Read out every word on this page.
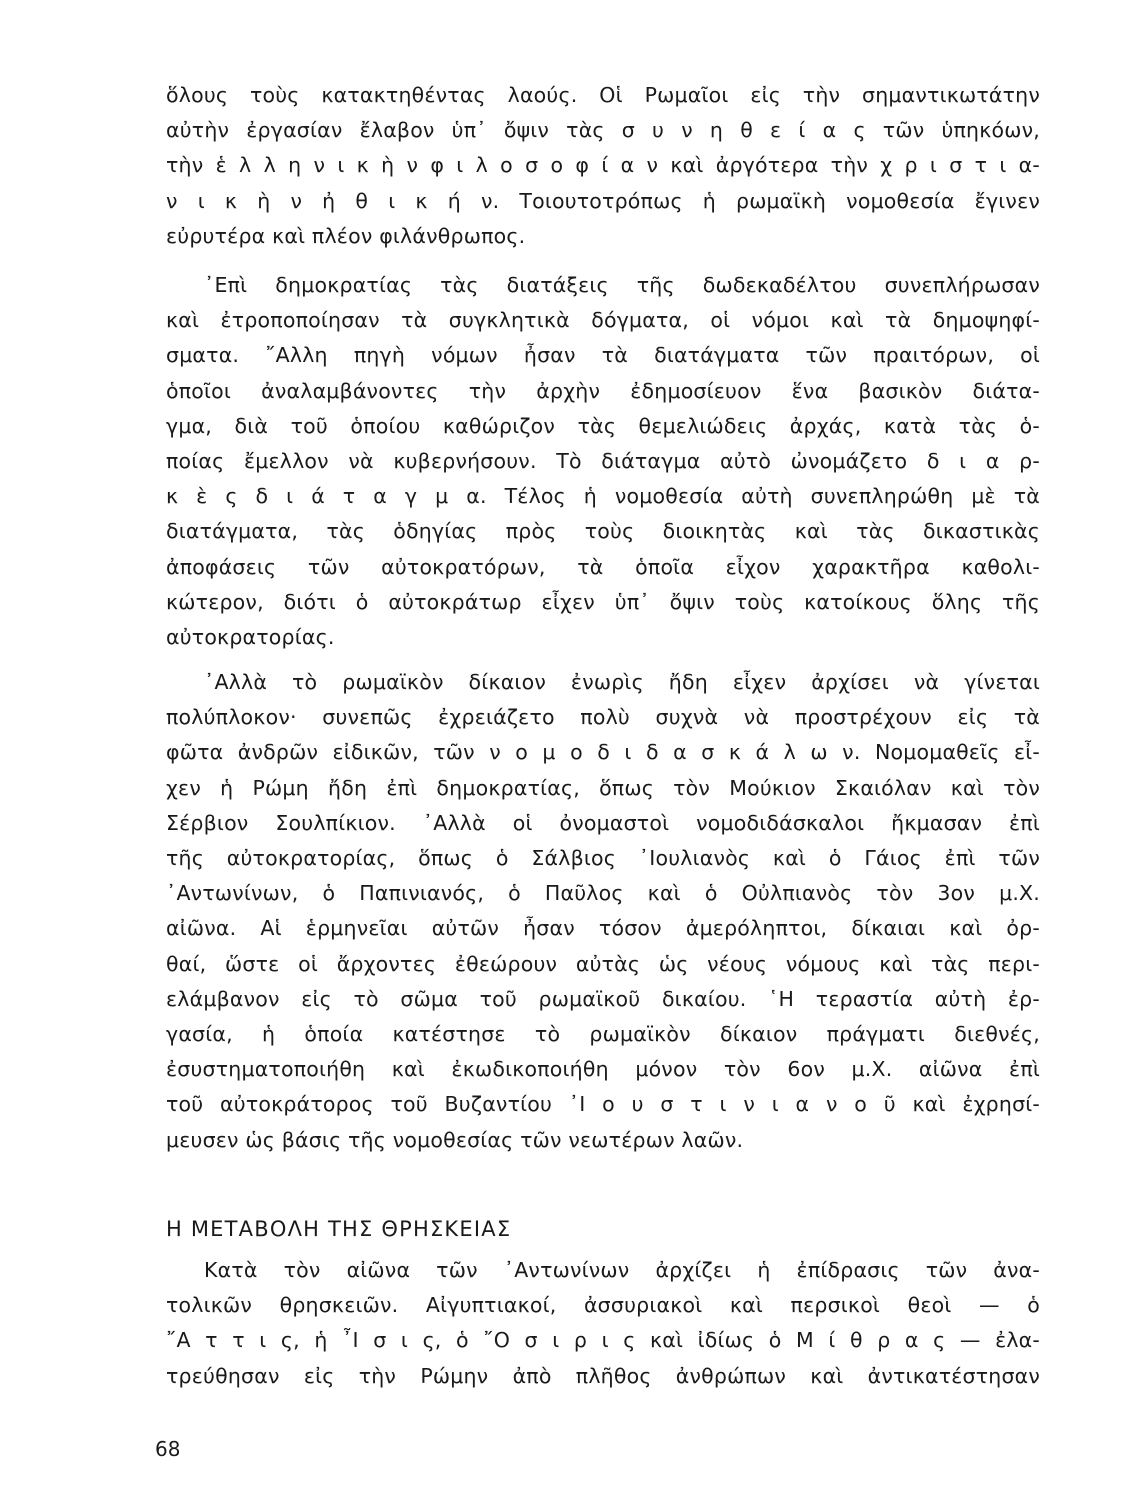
ὅλους τοὺς κατακτηθέντας λαούς. Οἱ Ρωμαῖοι εἰς τὴν σημαντικωτάτην
αὐτὴν ἐργασίαν ἔλαβον ὑπ᾽ ὄψιν τὰς σ υ ν η θ ε ί α ς τῶν ὑπηκόων,
τὴν ἑ λ λ η ν ι κ ὴ ν φ ι λ ο σ ο φ ί α ν καὶ ἀργότερα τὴν χ ρ ι σ τ ι α-
ν ι κ ὴ ν ἠ θ ι κ ή ν. Τοιουτοτρόπως ἡ ρωμαϊκὴ νομοθεσία ἔγινεν
εὐρυτέρα καὶ πλέον φιλάνθρωπος.
᾽Επὶ δημοκρατίας τὰς διατάξεις τῆς δωδεκαδέλτου συνεπλήρωσαν
καὶ ἐτροποποίησαν τὰ συγκλητικὰ δόγματα, οἱ νόμοι καὶ τὰ δημοψηφί-
σματα. ῎Αλλη πηγὴ νόμων ἦσαν τὰ διατάγματα τῶν πραιτόρων, οἱ
ὁποῖοι ἀναλαμβάνοντες τὴν ἀρχὴν ἐδημοσίευον ἕνα βασικὸν διάτα-
γμα, διὰ τοῦ ὁποίου καθώριζον τὰς θεμελιώδεις ἀρχάς, κατὰ τὰς ὁ-
ποίας ἔμελλον νὰ κυβερνήσουν. Τὸ διάταγμα αὐτὸ ὠνομάζετο δ ι α ρ-
κ ὲ ς δ ι ά τ α γ μ α. Τέλος ἡ νομοθεσία αὐτὴ συνεπληρώθη μὲ τὰ
διατάγματα, τὰς ὁδηγίας πρὸς τοὺς διοικητὰς καὶ τὰς δικαστικὰς
ἀποφάσεις τῶν αὐτοκρατόρων, τὰ ὁποῖα εἶχον χαρακτῆρα καθολι-
κώτερον, διότι ὁ αὐτοκράτωρ εἶχεν ὑπ᾽ ὄψιν τοὺς κατοίκους ὅλης τῆς
αὐτοκρατορίας.
᾽Αλλὰ τὸ ρωμαϊκὸν δίκαιον ἐνωρὶς ἤδη εἶχεν ἀρχίσει νὰ γίνεται
πολύπλοκον· συνεπῶς ἐχρειάζετο πολὺ συχνὰ νὰ προστρέχουν εἰς τὰ
φῶτα ἀνδρῶν εἰδικῶν, τῶν ν ο μ ο δ ι δ α σ κ ά λ ω ν. Νομομαθεῖς εἶ-
χεν ἡ Ρώμη ἤδη ἐπὶ δημοκρατίας, ὅπως τὸν Μούκιον Σκαιόλαν καὶ τὸν
Σέρβιον Σουλπίκιον. ᾽Αλλὰ οἱ ὀνομαστοὶ νομοδιδάσκαλοι ἤκμασαν ἐπὶ
τῆς αὐτοκρατορίας, ὅπως ὁ Σάλβιος ᾽Ιουλιανὸς καὶ ὁ Γάιος ἐπὶ τῶν
᾽Αντωνίνων, ὁ Παπινιανός, ὁ Παῦλος καὶ ὁ Οὐλπιανὸς τὸν 3ον μ.Χ.
αἰῶνα. Αἱ ἑρμηνεῖαι αὐτῶν ἦσαν τόσον ἀμερόληπτοι, δίκαιαι καὶ ὀρ-
θαί, ὥστε οἱ ἄρχοντες ἐθεώρουν αὐτὰς ὡς νέους νόμους καὶ τὰς περι-
ελάμβανον εἰς τὸ σῶμα τοῦ ρωμαϊκοῦ δικαίου. ῾Η τεραστία αὐτὴ ἐρ-
γασία, ἡ ὁποία κατέστησε τὸ ρωμαϊκὸν δίκαιον πράγματι διεθνές,
ἐσυστηματοποιήθη καὶ ἐκωδικοποιήθη μόνον τὸν 6ον μ.Χ. αἰῶνα ἐπὶ
τοῦ αὐτοκράτορος τοῦ Βυζαντίου ᾽Ι ο υ σ τ ι ν ι α ν ο ῦ καὶ ἐχρησί-
μευσεν ὡς βάσις τῆς νομοθεσίας τῶν νεωτέρων λαῶν.
Η ΜΕΤΑΒΟΛΗ ΤΗΣ ΘΡΗΣΚΕΙΑΣ
Κατὰ τὸν αἰῶνα τῶν ᾽Αντωνίνων ἀρχίζει ἡ ἐπίδρασις τῶν ἀνα-
τολικῶν θρησκειῶν. Αἰγυπτιακοί, ἀσσυριακοὶ καὶ περσικοὶ θεοὶ — ὁ
῎Α τ τ ι ς, ἡ ῏Ι σ ι ς, ὁ ῎Ο σ ι ρ ι ς καὶ ἰδίως ὁ Μ ί θ ρ α ς — ἐλα-
τρεύθησαν εἰς τὴν Ρώμην ἀπὸ πλῆθος ἀνθρώπων καὶ ἀντικατέστησαν
68
